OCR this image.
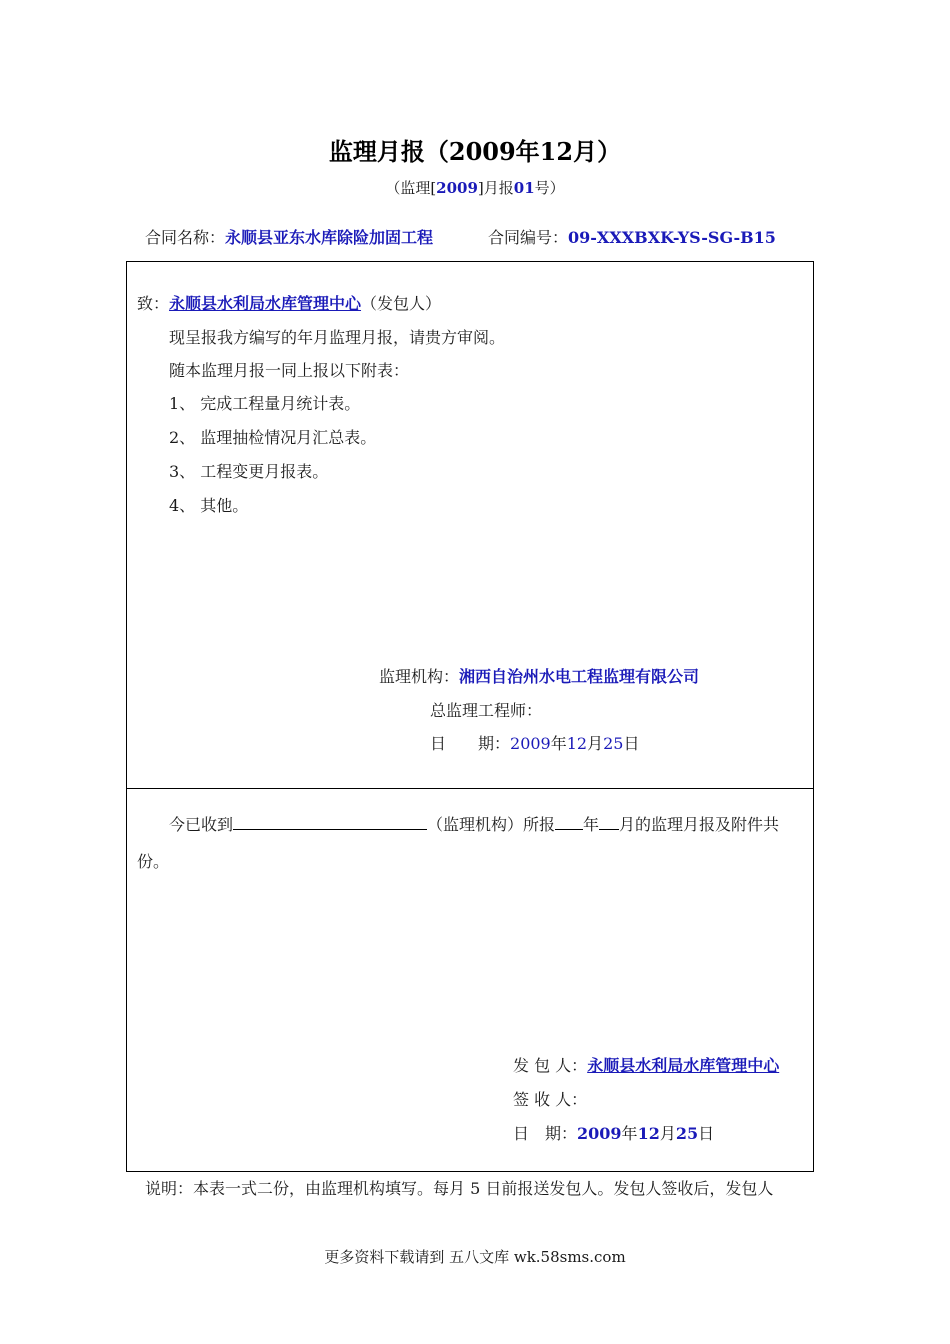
监理月报（2009年12月）
（监理[2009]月报01号）
合同名称：永顺县亚东水库除险加固工程	合同编号：09-XXXBXK-YS-SG-B15
致：永顺县水利局水库管理中心（发包人）
现呈报我方编写的年月监理月报，请贵方审阅。
随本监理月报一同上报以下附表：
1、 完成工程量月统计表。
2、 监理抽检情况月汇总表。
3、 工程变更月报表。
4、 其他。
监理机构：湘西自治州水电工程监理有限公司
总监理工程师：
日　　期：2009年12月25日
今已收到	（监理机构）所报 年 月的监理月报及附件共
份。
发 包 人：永顺县水利局水库管理中心
签 收 人：
日　期：2009年12月25日
说明：本表一式二份，由监理机构填写。每月 5 日前报送发包人。发包人签收后，发包人
更多资料下载请到 五八文库 wk.58sms.com
